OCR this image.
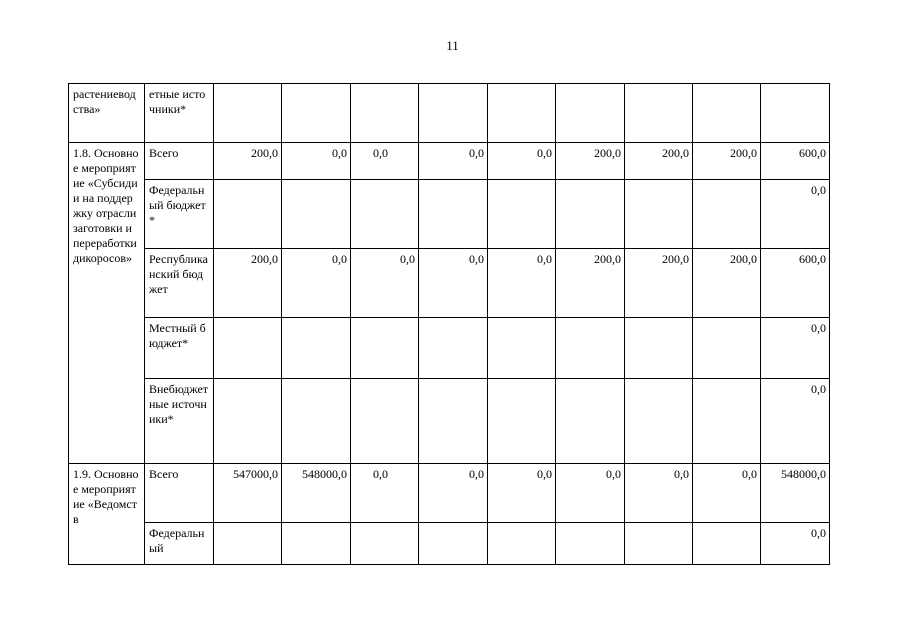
11
растениеводства»	етные источники*									
1.8. Основное мероприятие «Субсидии на поддержку отрасли заготовки и переработки дикоросов»	Всего	200,0	0,0	0,0	0,0	0,0	200,0	200,0	200,0	600,0
	Федеральный бюджет *									0,0
	Республиканский бюджет	200,0	0,0	0,0	0,0	0,0	200,0	200,0	200,0	600,0
	Местный бюджет*									0,0
	Внебюджетные источники*									0,0
1.9. Основное мероприятие «Ведомств	Всего	547000,0	548000,0	0,0	0,0	0,0	0,0	0,0	0,0	548000,0
	Федеральный									0,0
